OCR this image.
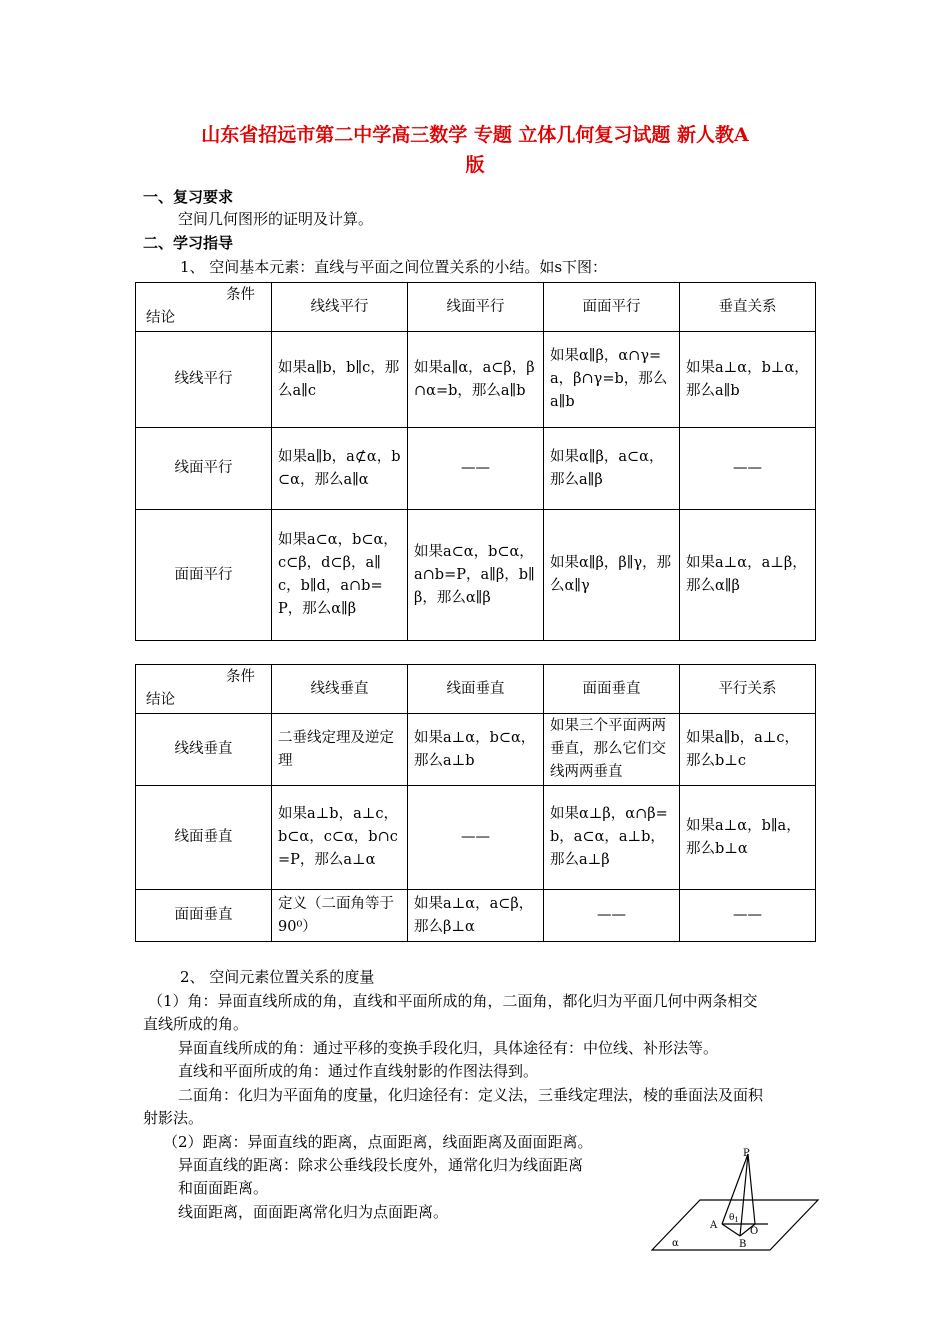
山东省招远市第二中学高三数学 专题 立体几何复习试题 新人教A
版
一、复习要求
空间几何图形的证明及计算。
二、学习指导
1、 空间基本元素：直线与平面之间位置关系的小结。如s下图：
条件
结论	线线平行	线面平行	面面平行	垂直关系
线线平行	如果a∥b，b∥c，那么a∥c	如果a∥α，a⊂β，β∩α=b，那么a∥b	如果α∥β，α∩γ=a，β∩γ=b，那么a∥b	如果a⊥α，b⊥α，那么a∥b
线面平行	如果a∥b，a⊄α，b⊂α，那么a∥α	——	如果α∥β，a⊂α，那么a∥β	——
面面平行	如果a⊂α，b⊂α，c⊂β，d⊂β，a∥c，b∥d，a∩b=P，那么α∥β	如果a⊂α，b⊂α，a∩b=P，a∥β，b∥β，那么α∥β	如果α∥β，β∥γ，那么α∥γ	如果a⊥α，a⊥β，那么α∥β
条件
结论	线线垂直	线面垂直	面面垂直	平行关系
线线垂直	二垂线定理及逆定理	如果a⊥α，b⊂α，那么a⊥b	如果三个平面两两垂直，那么它们交线两两垂直	如果a∥b，a⊥c，那么b⊥c
线面垂直	如果a⊥b，a⊥c，b⊂α，c⊂α，b∩c=P，那么a⊥α	——	如果α⊥β，α∩β=b，a⊂α，a⊥b，那么a⊥β	如果a⊥α，b∥a，那么b⊥α
面面垂直	定义（二面角等于90⁰）	如果a⊥α，a⊂β，那么β⊥α	——	——
2、 空间元素位置关系的度量
（1）角：异面直线所成的角，直线和平面所成的角，二面角，都化归为平面几何中两条相交
直线所成的角。
异面直线所成的角：通过平移的变换手段化归，具体途径有：中位线、补形法等。
直线和平面所成的角：通过作直线射影的作图法得到。
二面角：化归为平面角的度量，化归途径有：定义法，三垂线定理法，棱的垂面法及面积
射影法。
（2）距离：异面直线的距离，点面距离，线面距离及面面距离。
异面直线的距离：除求公垂线段长度外，通常化归为线面距离
和面面距离。
线面距离，面面距离常化归为点面距离。
P
A
O
B
$\theta_1$
α
